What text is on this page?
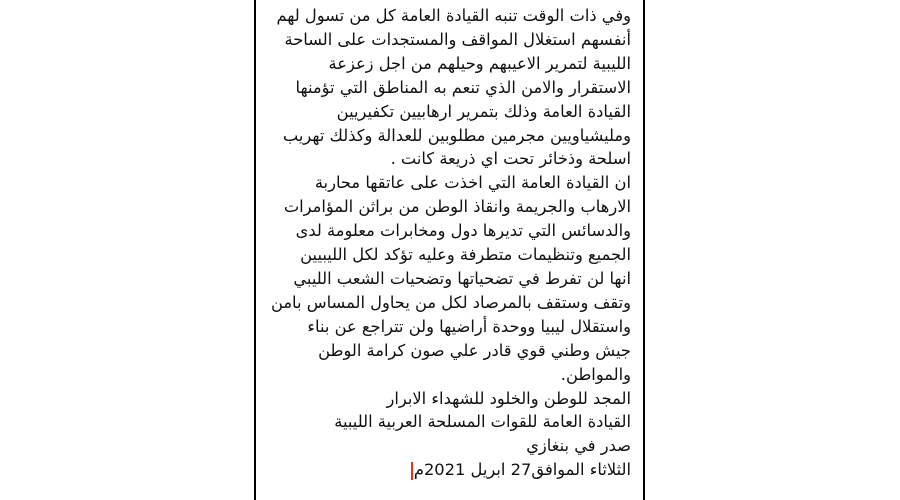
وفي ذات الوقت تنبه القيادة العامة كل من تسول لهم
أنفسهم استغلال المواقف والمستجدات على الساحة
الليبية لتمرير الاعيبهم وحيلهم من اجل زعزعة
الاستقرار والامن الذي تنعم به المناطق التي تؤمنها
القيادة العامة وذلك بتمرير ارهابيين تكفيريين
ومليشياويين مجرمين مطلوبين للعدالة وكذلك تهريب
اسلحة وذخائر تحت اي ذريعة كانت .
ان القيادة العامة التي اخذت على عاتقها محاربة
الارهاب والجريمة وانقاذ الوطن من براثن المؤامرات
والدسائس التي تديرها دول ومخابرات معلومة لدى
الجميع وتنظيمات متطرفة وعليه تؤكد لكل الليبيين
انها لن تفرط في تضحياتها وتضحيات الشعب الليبي
وتقف وستقف بالمرصاد لكل من يحاول المساس بامن
واستقلال ليبيا ووحدة أراضيها ولن تتراجع عن بناء
جيش وطني قوي قادر علي صون كرامة الوطن
والمواطن.
المجد للوطن والخلود للشهداء الابرار
القيادة العامة للقوات المسلحة العربية الليبية
صدر في بنغازي
الثلاثاء الموافق27 ابريل 2021م
